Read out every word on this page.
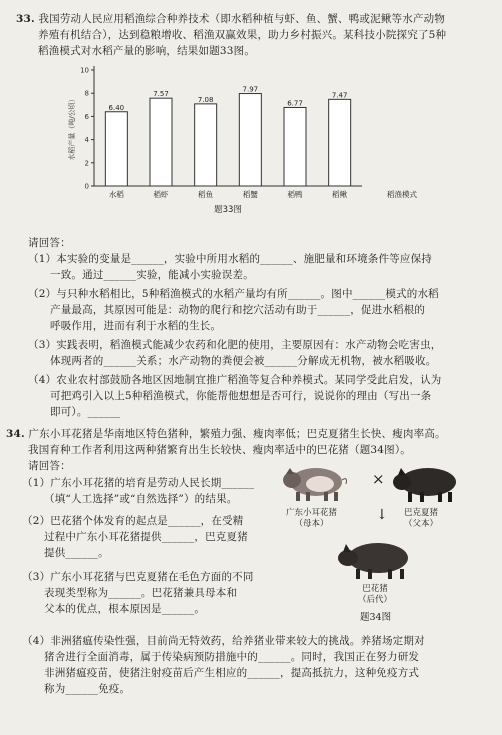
33. 我国劳动人民应用稻渔综合种养技术（即水稻种植与虾、鱼、蟹、鸭或泥鳅等水产动物
养殖有机结合），达到稳粮增收、稻渔双赢效果，助力乡村振兴。某科技小院探究了5种
稻渔模式对水稻产量的影响，结果如题33图。
0
2
4
6
8
10
水稻产量（吨/公顷）	6.40
水稻
7.57
稻虾
7.08
稻鱼
7.97
稻蟹
6.77
稻鸭
7.47
稻鳅	稻渔模式
题33图
请回答：
（1）本实验的变量是______，实验中所用水稻的______、施肥量和环境条件等应保持
一致。通过______实验，能减小实验误差。
（2）与只种水稻相比，5种稻渔模式的水稻产量均有所______。图中______模式的水稻
产量最高，其原因可能是：动物的爬行和挖穴活动有助于______，促进水稻根的
呼吸作用，进而有利于水稻的生长。
（3）实践表明，稻渔模式能减少农药和化肥的使用，主要原因有：水产动物会吃害虫，
体现两者的______关系；水产动物的粪便会被______分解成无机物，被水稻吸收。
（4）农业农村部鼓励各地区因地制宜推广稻渔等复合种养模式。某同学受此启发，认为
可把鸡引入以上5种稻渔模式，你能帮他想想是否可行，说说你的理由（写出一条
即可）。______
34. 广东小耳花猪是华南地区特色猪种，繁殖力强、瘦肉率低；巴克夏猪生长快、瘦肉率高。
我国育种工作者利用这两种猪繁育出生长较快、瘦肉率适中的巴花猪（题34图）。
请回答：
（1）广东小耳花猪的培育是劳动人民长期______
（填“人工选择”或“自然选择”）的结果。
（2）巴花猪个体发育的起点是______，在受精
过程中广东小耳花猪提供______，巴克夏猪
提供______。
（3）广东小耳花猪与巴克夏猪在毛色方面的不同
表现类型称为______。巴花猪兼具母本和
父本的优点，根本原因是______。
（4）非洲猪瘟传染性强，目前尚无特效药，给养猪业带来较大的挑战。养猪场定期对
猪舍进行全面消毒，属于传染病预防措施中的______。同时，我国正在努力研发
非洲猪瘟疫苗，使猪注射疫苗后产生相应的______，提高抵抗力，这种免疫方式
称为______免疫。
×
广东小耳花猪
（母本）
巴克夏猪
（父本）
↓
巴花猪
（后代）
题34图
